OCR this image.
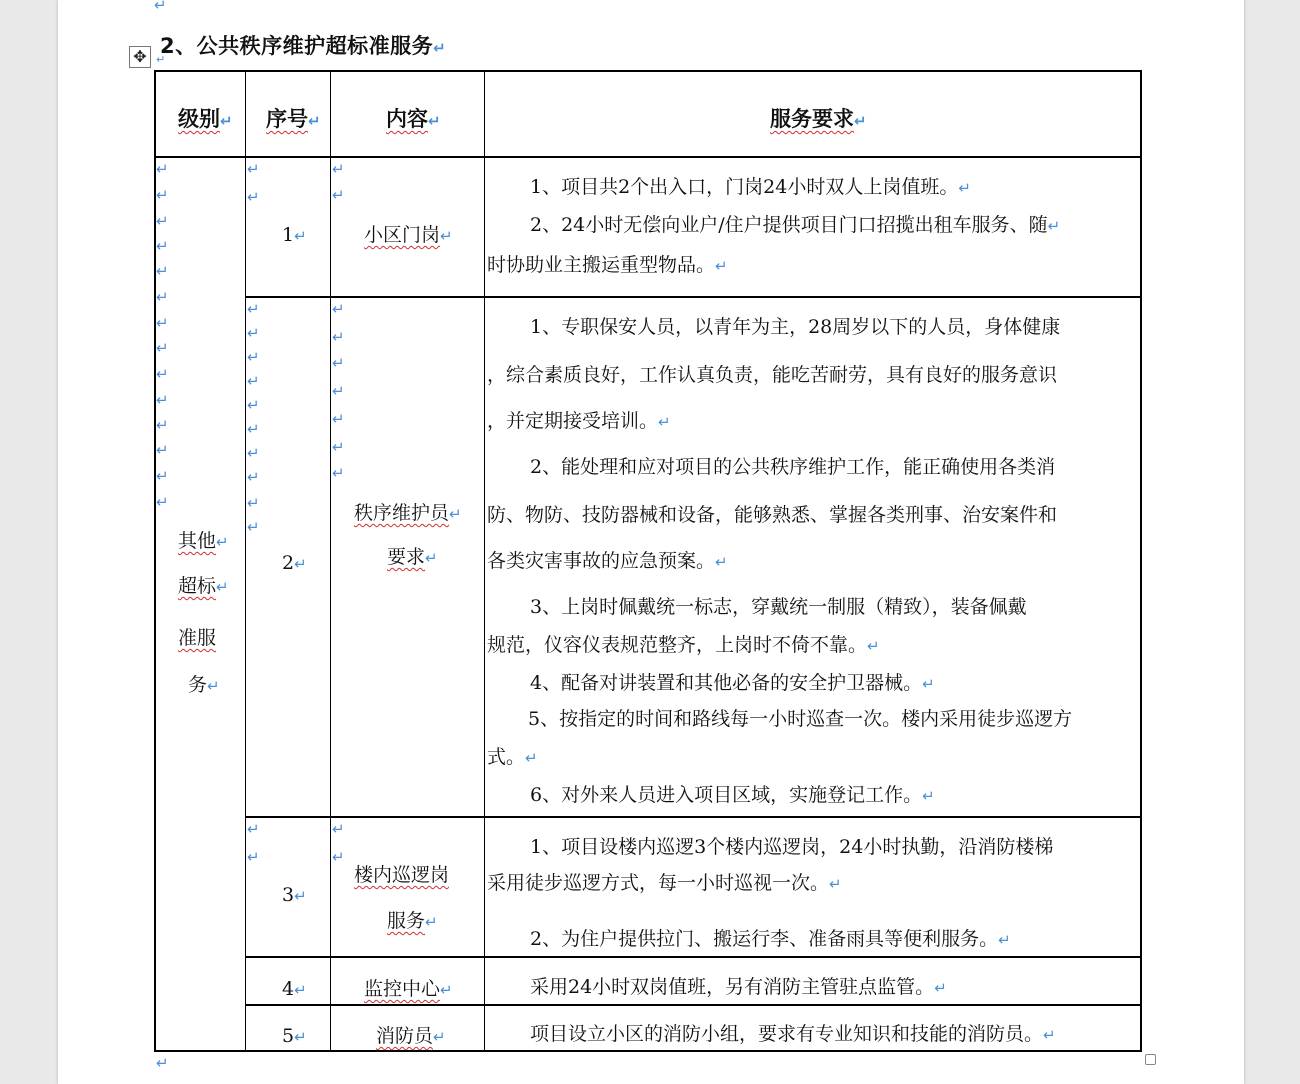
↵
2、公共秩序维护超标准服务↵
↵
✥
级别↵ 序号↵	内容↵	服务要求↵
↵
↵
↵
↵
↵
↵
↵
↵
↵
↵
↵
↵
↵
↵
其他↵
超标↵
准服
务↵
↵
↵
↵
↵
↵
↵
↵
↵
↵
↵
↵
↵
↵
↵
1↵
2↵
3↵
4↵
5↵
↵
↵
↵
↵
↵
↵
↵
↵
↵
↵
↵
小区门岗↵
秩序维护员↵
要求↵
楼内巡逻岗
服务↵
监控中心↵
消防员↵
1、项目共2个出入口，门岗24小时双人上岗值班。↵
2、24小时无偿向业户/住户提供项目门口招揽出租车服务、随↵
时协助业主搬运重型物品。↵
1、专职保安人员，以青年为主，28周岁以下的人员，身体健康
，综合素质良好，工作认真负责，能吃苦耐劳，具有良好的服务意识
，并定期接受培训。↵
2、能处理和应对项目的公共秩序维护工作，能正确使用各类消
防、物防、技防器械和设备，能够熟悉、掌握各类刑事、治安案件和
各类灾害事故的应急预案。↵
3、上岗时佩戴统一标志，穿戴统一制服（精致），装备佩戴
规范，仪容仪表规范整齐，上岗时不倚不靠。↵
4、配备对讲装置和其他必备的安全护卫器械。↵
5、按指定的时间和路线每一小时巡查一次。楼内采用徒步巡逻方
式。↵
6、对外来人员进入项目区域，实施登记工作。↵
1、项目设楼内巡逻3个楼内巡逻岗，24小时执勤，沿消防楼梯
采用徒步巡逻方式，每一小时巡视一次。↵
2、为住户提供拉门、搬运行李、准备雨具等便利服务。↵
采用24小时双岗值班，另有消防主管驻点监管。↵
项目设立小区的消防小组，要求有专业知识和技能的消防员。↵
↵
